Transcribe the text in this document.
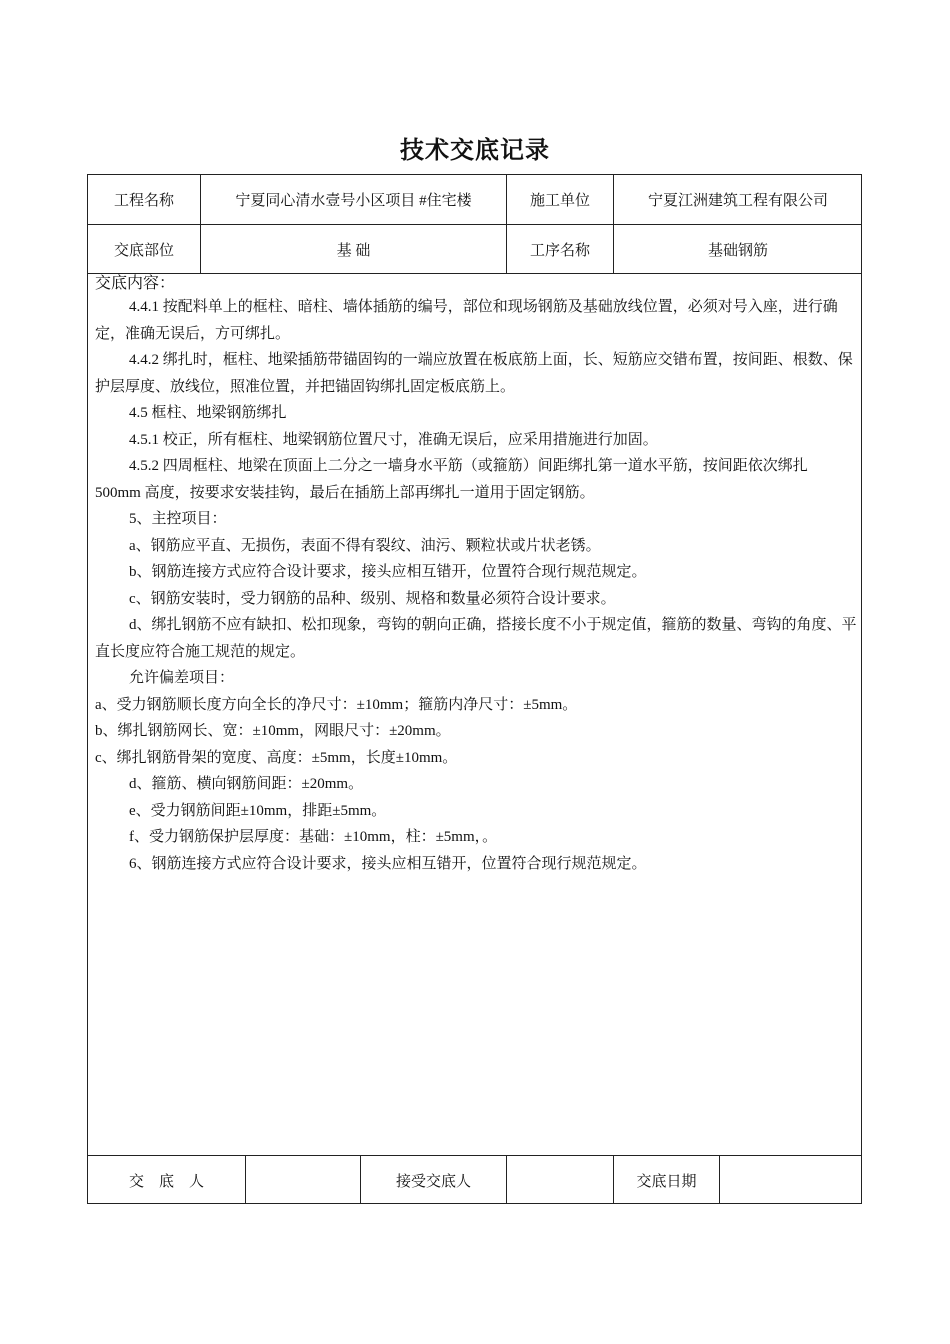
技术交底记录
工程名称	宁夏同心清水壹号小区项目 #住宅楼	施工单位	宁夏江洲建筑工程有限公司
交底部位	基 础	工序名称	基础钢筋

交底内容：

4.4.1 按配料单上的框柱、暗柱、墙体插筋的编号，部位和现场钢筋及基础放线位置，必须对号入座，进行确定，准确无误后，方可绑扎。

4.4.2 绑扎时，框柱、地梁插筋带锚固钩的一端应放置在板底筋上面，长、短筋应交错布置，按间距、根数、保护层厚度、放线位，照准位置，并把锚固钩绑扎固定板底筋上。

4.5 框柱、地梁钢筋绑扎

4.5.1 校正，所有框柱、地梁钢筋位置尺寸，准确无误后，应采用措施进行加固。

4.5.2 四周框柱、地梁在顶面上二分之一墙身水平筋（或箍筋）间距绑扎第一道水平筋，按间距依次绑扎 500mm 高度，按要求安装挂钩，最后在插筋上部再绑扎一道用于固定钢筋。

5、主控项目：

a、钢筋应平直、无损伤，表面不得有裂纹、油污、颗粒状或片状老锈。

b、钢筋连接方式应符合设计要求，接头应相互错开，位置符合现行规范规定。

c、钢筋安装时，受力钢筋的品种、级别、规格和数量必须符合设计要求。

d、绑扎钢筋不应有缺扣、松扣现象，弯钩的朝向正确，搭接长度不小于规定值，箍筋的数量、弯钩的角度、平直长度应符合施工规范的规定。

允许偏差项目：

a、受力钢筋顺长度方向全长的净尺寸：±10mm；箍筋内净尺寸：±5mm。

b、绑扎钢筋网长、宽：±10mm，网眼尺寸：±20mm。

c、绑扎钢筋骨架的宽度、高度：±5mm，长度±10mm。

d、箍筋、横向钢筋间距：±20mm。

e、受力钢筋间距±10mm，排距±5mm。

f、受力钢筋保护层厚度：基础：±10mm，柱：±5mm，。

6、钢筋连接方式应符合设计要求，接头应相互错开，位置符合现行规范规定。

交　底　人	接受交底人	交底日期
